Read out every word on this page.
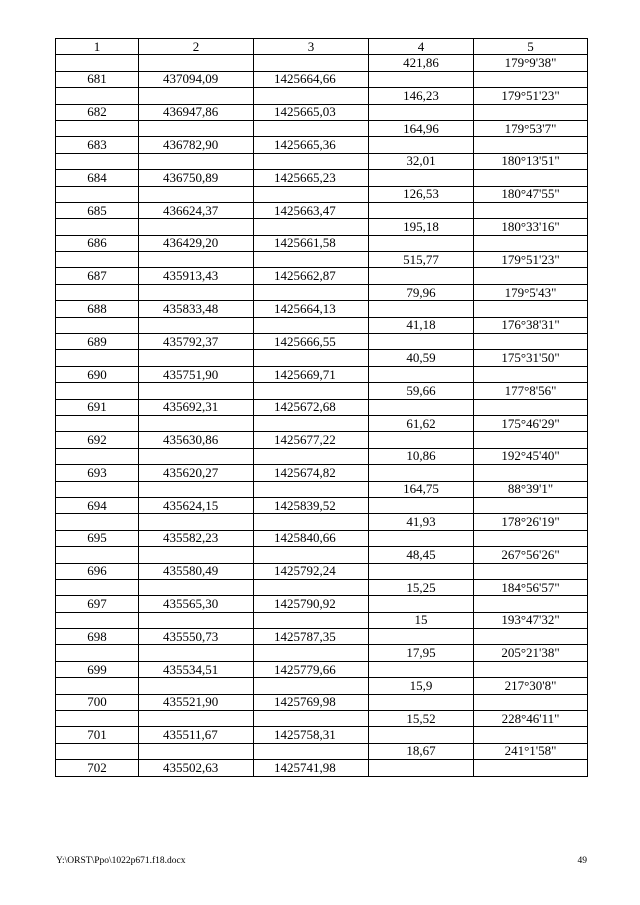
1	2	3	4	5
			421,86	179°9'38"
681	437094,09	1425664,66		
			146,23	179°51'23"
682	436947,86	1425665,03		
			164,96	179°53'7"
683	436782,90	1425665,36		
			32,01	180°13'51"
684	436750,89	1425665,23		
			126,53	180°47'55"
685	436624,37	1425663,47		
			195,18	180°33'16"
686	436429,20	1425661,58		
			515,77	179°51'23"
687	435913,43	1425662,87		
			79,96	179°5'43"
688	435833,48	1425664,13		
			41,18	176°38'31"
689	435792,37	1425666,55		
			40,59	175°31'50"
690	435751,90	1425669,71		
			59,66	177°8'56"
691	435692,31	1425672,68		
			61,62	175°46'29"
692	435630,86	1425677,22		
			10,86	192°45'40"
693	435620,27	1425674,82		
			164,75	88°39'1"
694	435624,15	1425839,52		
			41,93	178°26'19"
695	435582,23	1425840,66		
			48,45	267°56'26"
696	435580,49	1425792,24		
			15,25	184°56'57"
697	435565,30	1425790,92		
			15	193°47'32"
698	435550,73	1425787,35		
			17,95	205°21'38"
699	435534,51	1425779,66		
			15,9	217°30'8"
700	435521,90	1425769,98		
			15,52	228°46'11"
701	435511,67	1425758,31		
			18,67	241°1'58"
702	435502,63	1425741,98		
Y:\ORST\Ppo\1022p671.f18.docx	49
